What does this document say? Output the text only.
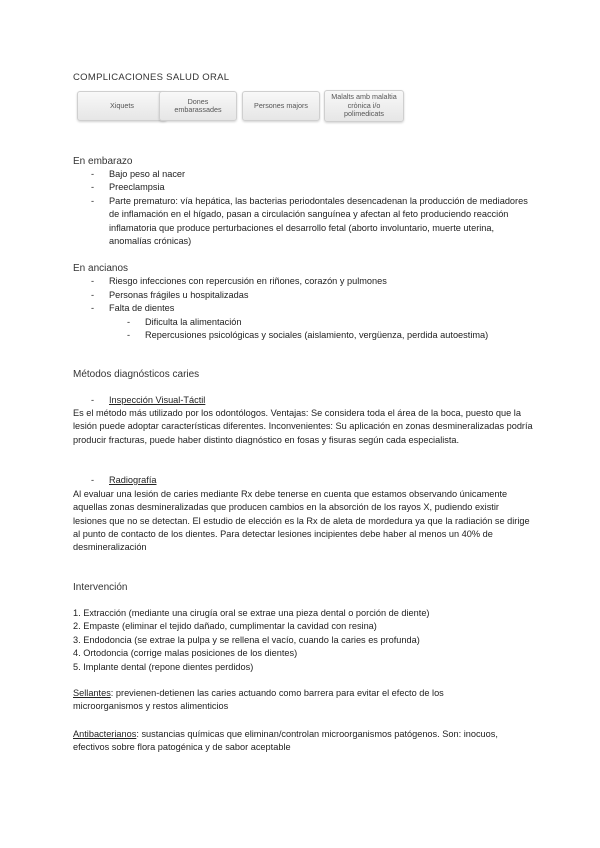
COMPLICACIONES SALUD ORAL
Xiquets	Dones embarassades	Persones majors
Malalts amb malaltia crònica i/o polimedicats
En embarazo
- Bajo peso al nacer
- Preeclampsia
- Parte prematuro: vía hepática, las bacterias periodontales desencadenan la producción de mediadores de inflamación en el hígado, pasan a circulación sanguínea y afectan al feto produciendo reacción inflamatoria que produce perturbaciones el desarrollo fetal (aborto involuntario, muerte uterina, anomalías crónicas)
En ancianos
- Riesgo infecciones con repercusión en riñones, corazón y pulmones
- Personas frágiles u hospitalizadas
- Falta de dientes
- Dificulta la alimentación
- Repercusiones psicológicas y sociales (aislamiento, vergüenza, perdida autoestima)
Métodos diagnósticos caries
- Inspección Visual-Táctil
Es el método más utilizado por los odontólogos. Ventajas: Se considera toda el área de la boca, puesto que la lesión puede adoptar características diferentes. Inconvenientes: Su aplicación en zonas desmineralizadas podría producir fracturas, puede haber distinto diagnóstico en fosas y fisuras según cada especialista.
- Radiografía
Al evaluar una lesión de caries mediante Rx debe tenerse en cuenta que estamos observando únicamente aquellas zonas desmineralizadas que producen cambios en la absorción de los rayos X, pudiendo existir lesiones que no se detectan. El estudio de elección es la Rx de aleta de mordedura ya que la radiación se dirige al punto de contacto de los dientes. Para detectar lesiones incipientes debe haber al menos un 40% de desmineralización
Intervención
1. Extracción (mediante una cirugía oral se extrae una pieza dental o porción de diente)
2. Empaste (eliminar el tejido dañado, cumplimentar la cavidad con resina)
3. Endodoncia (se extrae la pulpa y se rellena el vacío, cuando la caries es profunda)
4. Ortodoncia (corrige malas posiciones de los dientes)
5. Implante dental (repone dientes perdidos)
Sellantes: previenen-detienen las caries actuando como barrera para evitar el efecto de los microorganismos y restos alimenticios
Antibacterianos: sustancias químicas que eliminan/controlan microorganismos patógenos. Son: inocuos, efectivos sobre flora patogénica y de sabor aceptable
